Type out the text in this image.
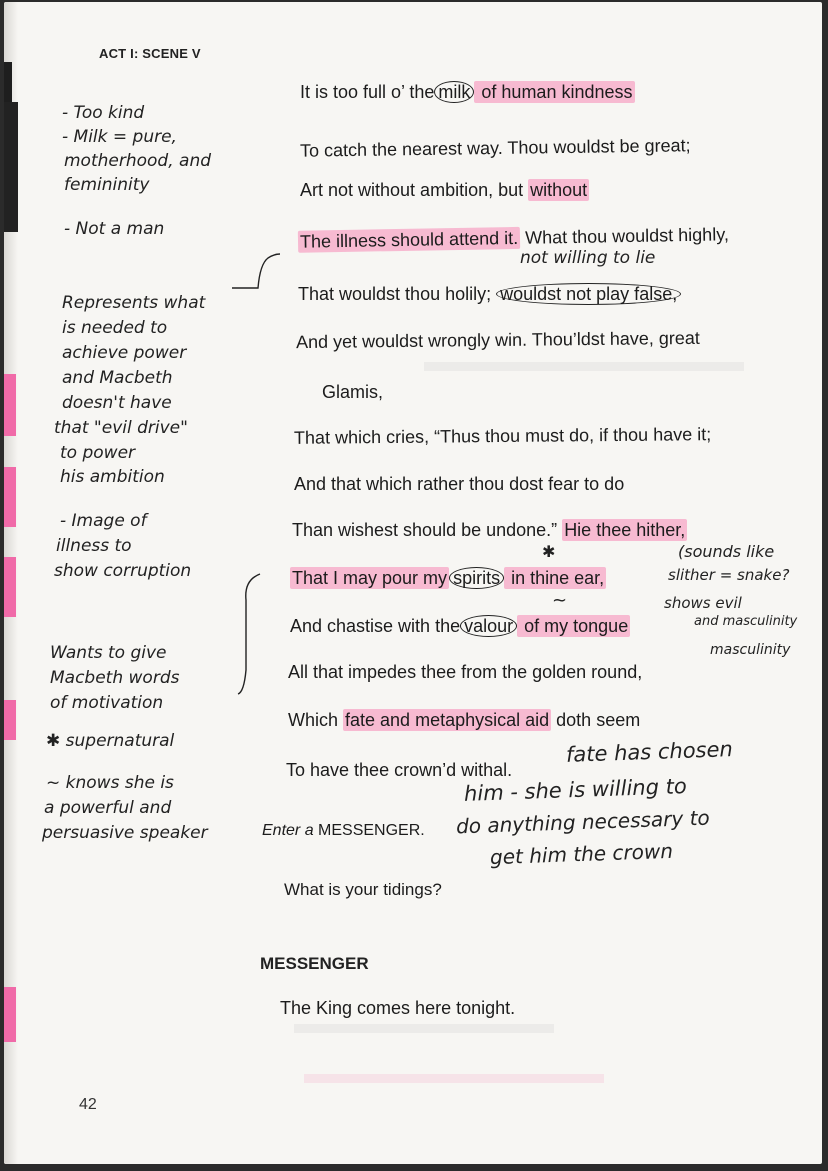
ACT I: SCENE V
- Too kind
- Milk = pure,
motherhood, and
femininity
- Not a man
Represents what
is needed to
achieve power
and Macbeth
doesn't have
that "evil drive"
to power
his ambition
- Image of
illness to
show corruption
Wants to give
Macbeth words
of motivation
✱ supernatural
~ knows she is
a powerful and
persuasive speaker
It is too full o’ the milk of human kindness
To catch the nearest way. Thou wouldst be great;
Art not without ambition, but without
The illness should attend it. What thou wouldst highly,
That wouldst thou holily; wouldst not play false,
And yet wouldst wrongly win. Thou’ldst have, great
Glamis,
That which cries, “Thus thou must do, if thou have it;
And that which rather thou dost fear to do
Than wishest should be undone.” Hie thee hither,
That I may pour my spirits in thine ear,
And chastise with the valour of my tongue
All that impedes thee from the golden round,
Which fate and metaphysical aid doth seem
To have thee crown’d withal.
Enter a MESSENGER.
What is your tidings?
MESSENGER
The King comes here tonight.
not willing to lie
✱	(sounds like
slither = snake?
~	shows evil
and masculinity
masculinity
fate has chosen
him - she is willing to
do anything necessary to
get him the crown
42
